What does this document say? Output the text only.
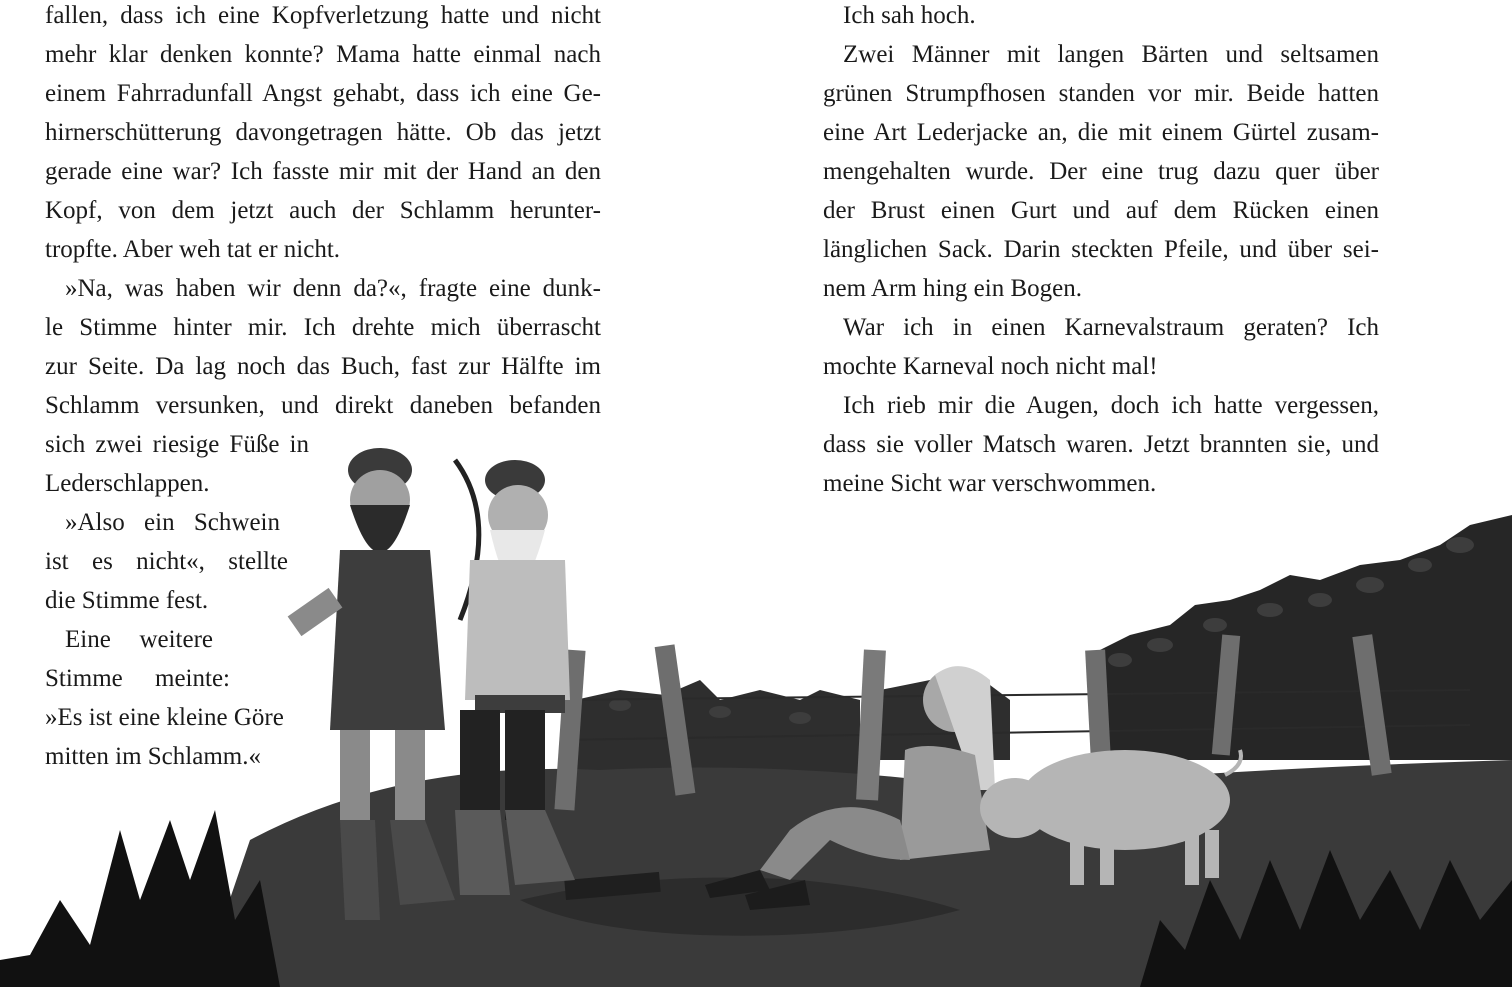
fallen, dass ich eine Kopfverletzung hatte und nicht
mehr klar denken konnte? Mama hatte einmal nach
einem Fahrradunfall Angst gehabt, dass ich eine Ge-
hirnerschütterung davongetragen hätte. Ob das jetzt
gerade eine war? Ich fasste mir mit der Hand an den
Kopf, von dem jetzt auch der Schlamm herunter-
tropfte. Aber weh tat er nicht.
»Na, was haben wir denn da?«, fragte eine dunk-
le Stimme hinter mir. Ich drehte mich überrascht
zur Seite. Da lag noch das Buch, fast zur Hälfte im
Schlamm versunken, und direkt daneben befanden
sich zwei riesige Füße in
Lederschlappen.
»Also ein Schwein
ist es nicht«, stellte
die Stimme fest.
Eine weitere
Stimme meinte:
»Es ist eine kleine Göre
mitten im Schlamm.«
Ich sah hoch.
Zwei Männer mit langen Bärten und seltsamen
grünen Strumpfhosen standen vor mir. Beide hatten
eine Art Lederjacke an, die mit einem Gürtel zusam-
mengehalten wurde. Der eine trug dazu quer über
der Brust einen Gurt und auf dem Rücken einen
länglichen Sack. Darin steckten Pfeile, und über sei-
nem Arm hing ein Bogen.
War ich in einen Karnevalstraum geraten? Ich
mochte Karneval noch nicht mal!
Ich rieb mir die Augen, doch ich hatte vergessen,
dass sie voller Matsch waren. Jetzt brannten sie, und
meine Sicht war verschwommen.
